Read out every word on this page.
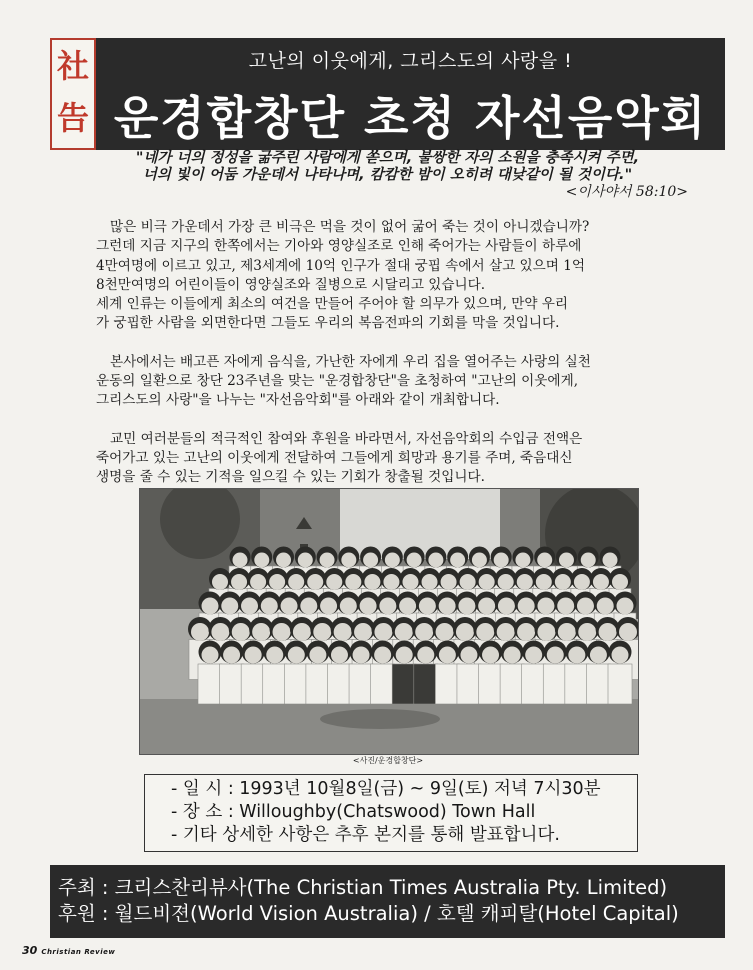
社
告
고난의 이웃에게, 그리스도의 사랑을 !
운경합창단 초청 자선음악회
"네가 너의 정성을 굶주린 사람에게 쏟으며, 불쌍한 자의 소원을 충족시켜 주면,
너의 빛이 어둠 가운데서 나타나며, 캄캄한 밤이 오히려 대낮같이 될 것이다."
<이사야서 58:10>

많은 비극 가운데서 가장 큰 비극은 먹을 것이 없어 굶어 죽는 것이 아니겠습니까?
그런데 지금 지구의 한쪽에서는 기아와 영양실조로 인해 죽어가는 사람들이 하루에
4만여명에 이르고 있고, 제3세계에 10억 인구가 절대 궁핍 속에서 살고 있으며 1억
8천만여명의 어린이들이 영양실조와 질병으로 시달리고 있습니다.
세계 인류는 이들에게 최소의 여건을 만들어 주어야 할 의무가 있으며, 만약 우리
가 궁핍한 사람을 외면한다면 그들도 우리의 복음전파의 기회를 막을 것입니다.

본사에서는 배고픈 자에게 음식을, 가난한 자에게 우리 집을 열어주는 사랑의 실천
운동의 일환으로 창단 23주년을 맞는 "운경합창단"을 초청하여 "고난의 이웃에게,
그리스도의 사랑"을 나누는 "자선음악회"를 아래와 같이 개최합니다.

교민 여러분들의 적극적인 참여와 후원을 바라면서, 자선음악회의 수입금 전액은
죽어가고 있는 고난의 이웃에게 전달하여 그들에게 희망과 용기를 주며, 죽음대신
생명을 줄 수 있는 기적을 일으킬 수 있는 기회가 창출될 것입니다.

<사진/운경합창단>
- 일 시 : 1993년 10월8일(금) ~ 9일(토) 저녁 7시30분
- 장 소 : Willoughby(Chatswood) Town Hall
- 기타 상세한 사항은 추후 본지를 통해 발표합니다.
주최 : 크리스찬리뷰사(The Christian Times Australia Pty. Limited)
후원 : 월드비젼(World Vision Australia) / 호텔 캐피탈(Hotel Capital)
30 Christian Review
